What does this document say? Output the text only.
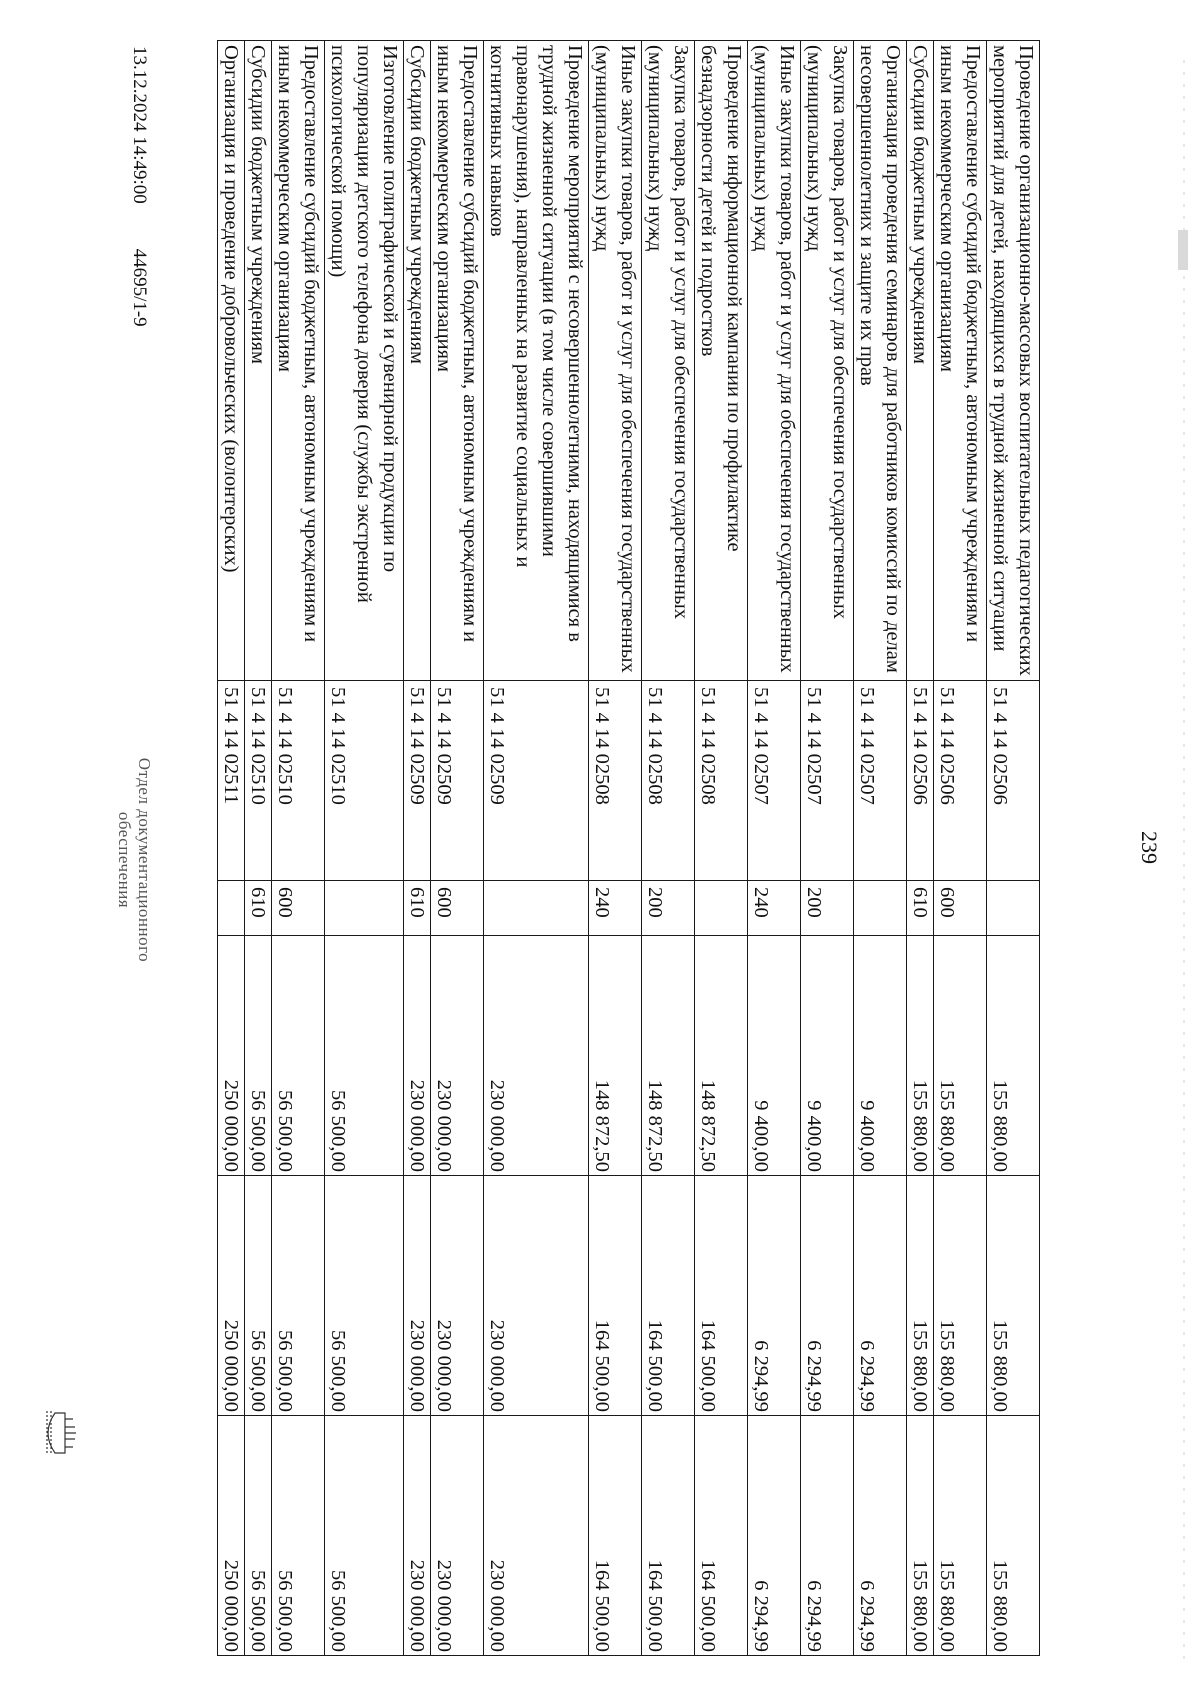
239
Проведение организационно-массовых воспитательных педагогических мероприятий для детей, находящихся в трудной жизненной ситуации	51 4 14 02506		155 880,00	155 880,00	155 880,00
Предоставление субсидий бюджетным, автономным учреждениям и иным некоммерческим организациям	51 4 14 02506	600	155 880,00	155 880,00	155 880,00
Субсидии бюджетным учреждениям	51 4 14 02506	610	155 880,00	155 880,00	155 880,00
Организация проведения семинаров для работников комиссий по делам несовершеннолетних и защите их прав	51 4 14 02507		9 400,00	6 294,99	6 294,99
Закупка товаров, работ и услуг для обеспечения государственных (муниципальных) нужд	51 4 14 02507	200	9 400,00	6 294,99	6 294,99
Иные закупки товаров, работ и услуг для обеспечения государственных (муниципальных) нужд	51 4 14 02507	240	9 400,00	6 294,99	6 294,99
Проведение информационной кампании по профилактике безнадзорности детей и подростков	51 4 14 02508		148 872,50	164 500,00	164 500,00
Закупка товаров, работ и услуг для обеспечения государственных (муниципальных) нужд	51 4 14 02508	200	148 872,50	164 500,00	164 500,00
Иные закупки товаров, работ и услуг для обеспечения государственных (муниципальных) нужд	51 4 14 02508	240	148 872,50	164 500,00	164 500,00
Проведение мероприятий с несовершеннолетними, находящимися в трудной жизненной ситуации (в том числе совершившими правонарушения), направленных на развитие социальных и когнитивных навыков	51 4 14 02509		230 000,00	230 000,00	230 000,00
Предоставление субсидий бюджетным, автономным учреждениям и иным некоммерческим организациям	51 4 14 02509	600	230 000,00	230 000,00	230 000,00
Субсидии бюджетным учреждениям	51 4 14 02509	610	230 000,00	230 000,00	230 000,00
Изготовление полиграфической и сувенирной продукции по популяризации детского телефона доверия (службы экстренной психологической помощи)	51 4 14 02510		56 500,00	56 500,00	56 500,00
Предоставление субсидий бюджетным, автономным учреждениям и иным некоммерческим организациям	51 4 14 02510	600	56 500,00	56 500,00	56 500,00
Субсидии бюджетным учреждениям	51 4 14 02510	610	56 500,00	56 500,00	56 500,00
Организация и проведение добровольческих (волонтерских)	51 4 14 02511		250 000,00	250 000,00	250 000,00
13.12.2024 14:49:00 44695/1-9
Отдел документационного
обеспечения
